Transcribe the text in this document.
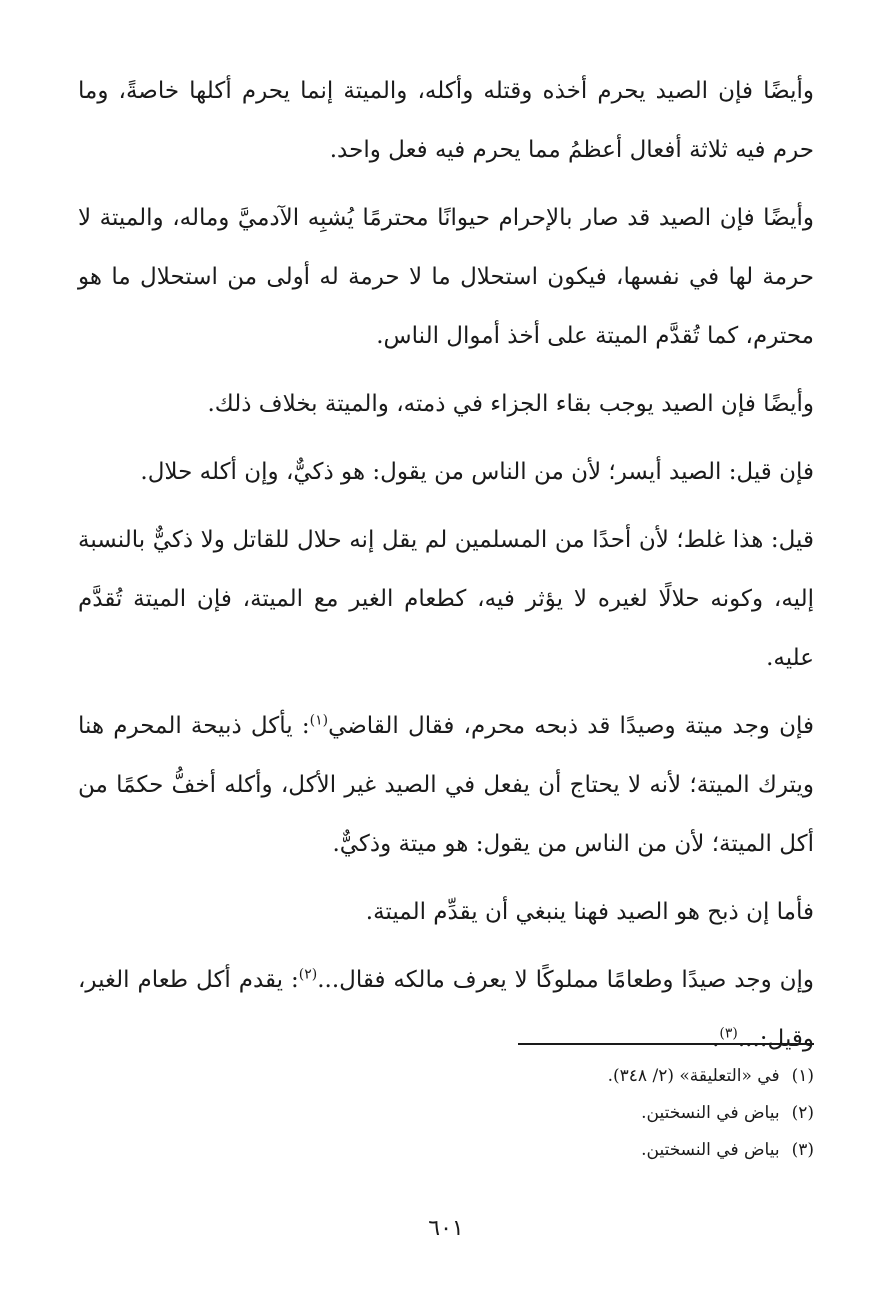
وأيضًا فإن الصيد يحرم أخذه وقتله وأكله، والميتة إنما يحرم أكلها خاصةً، وما حرم فيه ثلاثة أفعال أعظمُ مما يحرم فيه فعل واحد.

وأيضًا فإن الصيد قد صار بالإحرام حيوانًا محترمًا يُشبِه الآدميَّ وماله، والميتة لا حرمة لها في نفسها، فيكون استحلال ما لا حرمة له أولى من استحلال ما هو محترم، كما تُقدَّم الميتة على أخذ أموال الناس.

وأيضًا فإن الصيد يوجب بقاء الجزاء في ذمته، والميتة بخلاف ذلك.

فإن قيل: الصيد أيسر؛ لأن من الناس من يقول: هو ذكيٌّ، وإن أكله حلال.

قيل: هذا غلط؛ لأن أحدًا من المسلمين لم يقل إنه حلال للقاتل ولا ذكيٌّ بالنسبة إليه، وكونه حلالًا لغيره لا يؤثر فيه، كطعام الغير مع الميتة، فإن الميتة تُقدَّم عليه.

فإن وجد ميتة وصيدًا قد ذبحه محرم، فقال القاضي$^{(١)}$: يأكل ذبيحة المحرم هنا ويترك الميتة؛ لأنه لا يحتاج أن يفعل في الصيد غير الأكل، وأكله أخفُّ حكمًا من أكل الميتة؛ لأن من الناس من يقول: هو ميتة وذكيٌّ.

فأما إن ذبح هو الصيد فهنا ينبغي أن يقدِّم الميتة.

وإن وجد صيدًا وطعامًا مملوكًا لا يعرف مالكه فقال...$^{(٢)}$: يقدم أكل طعام الغير، وقيل:...$^{(٣)}$.

(١)في «التعليقة» (٢/ ٣٤٨).

(٢)بياض في النسختين.

(٣)بياض في النسختين.

٦٠١
